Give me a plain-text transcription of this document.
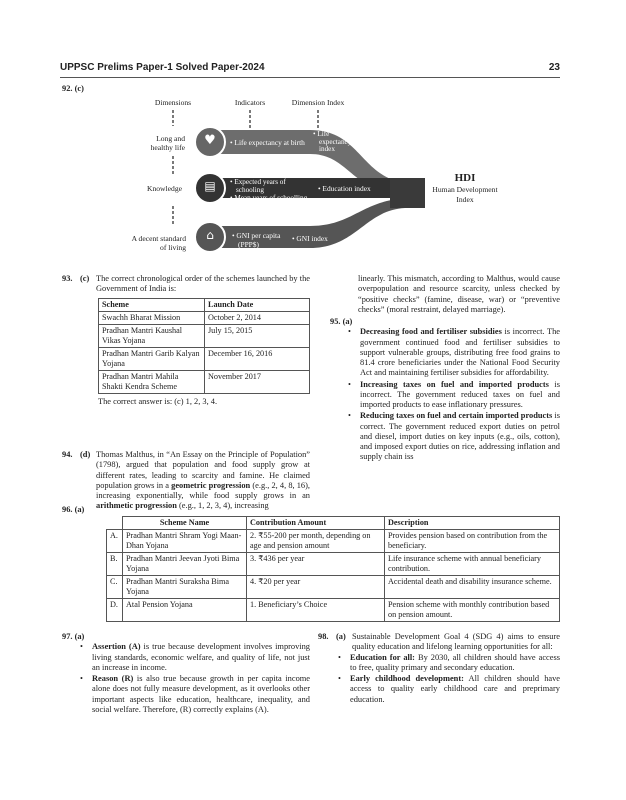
UPPSC Prelims Paper-1 Solved Paper-2024	23
92. (c)
♥
▤
⌂
Dimensions	Indicators	Dimension Index
Long and
healthy life
Knowledge
A decent standard
of living
• Life expectancy at birth
• Expected years of
schooling
• Mean years of schoolling
• GNI per capita
(PPP$)
• Life
expectancy
index
• Education index
• GNI index
HDI
Human Development
Index
93. (c) The correct chronological order of the schemes launched by the Government of India is:

Scheme	Launch Date
Swachh Bharat Mission	October 2, 2014
Pradhan Mantri Kaushal Vikas Yojana	July 15, 2015
Pradhan Mantri Garib Kalyan Yojana	December 16, 2016
Pradhan Mantri Mahila Shakti Kendra Scheme	November 2017

The correct answer is: (c) 1, 2, 3, 4.

94. (d) Thomas Malthus, in “An Essay on the Principle of Population” (1798), argued that population and food supply grow at different rates, leading to scarcity and famine. He claimed population grows in a geometric progression (e.g., 2, 4, 8, 16), increasing exponentially, while food supply grows in an arithmetic progression (e.g., 1, 2, 3, 4), increasing

linearly. This mismatch, according to Malthus, would cause overpopulation and resource scarcity, unless checked by “positive checks” (famine, disease, war) or “preventive checks” (moral restraint, delayed marriage).

95. (a)
• Decreasing food and fertiliser subsidies is incorrect. The government continued food and fertiliser subsidies to support vulnerable groups, distributing free food grains to 81.4 crore beneficiaries under the National Food Security Act and maintaining fertiliser subsidies for affordability.
• Increasing taxes on fuel and imported products is incorrect. The government reduced taxes on fuel and imported products to ease inflationary pressures.
• Reducing taxes on fuel and certain imported products is correct. The government reduced export duties on petrol and diesel, import duties on key inputs (e.g., oils, cotton), and imposed export duties on rice, addressing inflation and supply chain iss
96. (a)
	Scheme Name	Contribution Amount	Description
A.	Pradhan Mantri Shram Yogi Maan-Dhan Yojana	2. ₹55-200 per month, depending on age and pension amount	Provides pension based on contribution from the beneficiary.
B.	Pradhan Mantri Jeevan Jyoti Bima Yojana	3. ₹436 per year	Life insurance scheme with annual beneficiary contribution.
C.	Pradhan Mantri Suraksha Bima Yojana	4. ₹20 per year	Accidental death and disability insurance scheme.
D.	Atal Pension Yojana	1. Beneficiary’s Choice	Pension scheme with monthly contribution based on pension amount.
97. (a)
• Assertion (A) is true because development involves improving living standards, economic welfare, and quality of life, not just an increase in income.
• Reason (R) is also true because growth in per capita income alone does not fully measure development, as it overlooks other important aspects like education, healthcare, inequality, and social welfare. Therefore, (R) correctly explains (A).
98. (a) Sustainable Development Goal 4 (SDG 4) aims to ensure quality education and lifelong learning opportunities for all:

• Education for all: By 2030, all children should have access to free, quality primary and secondary education.
• Early childhood development: All children should have access to quality early childhood care and preprimary education.
